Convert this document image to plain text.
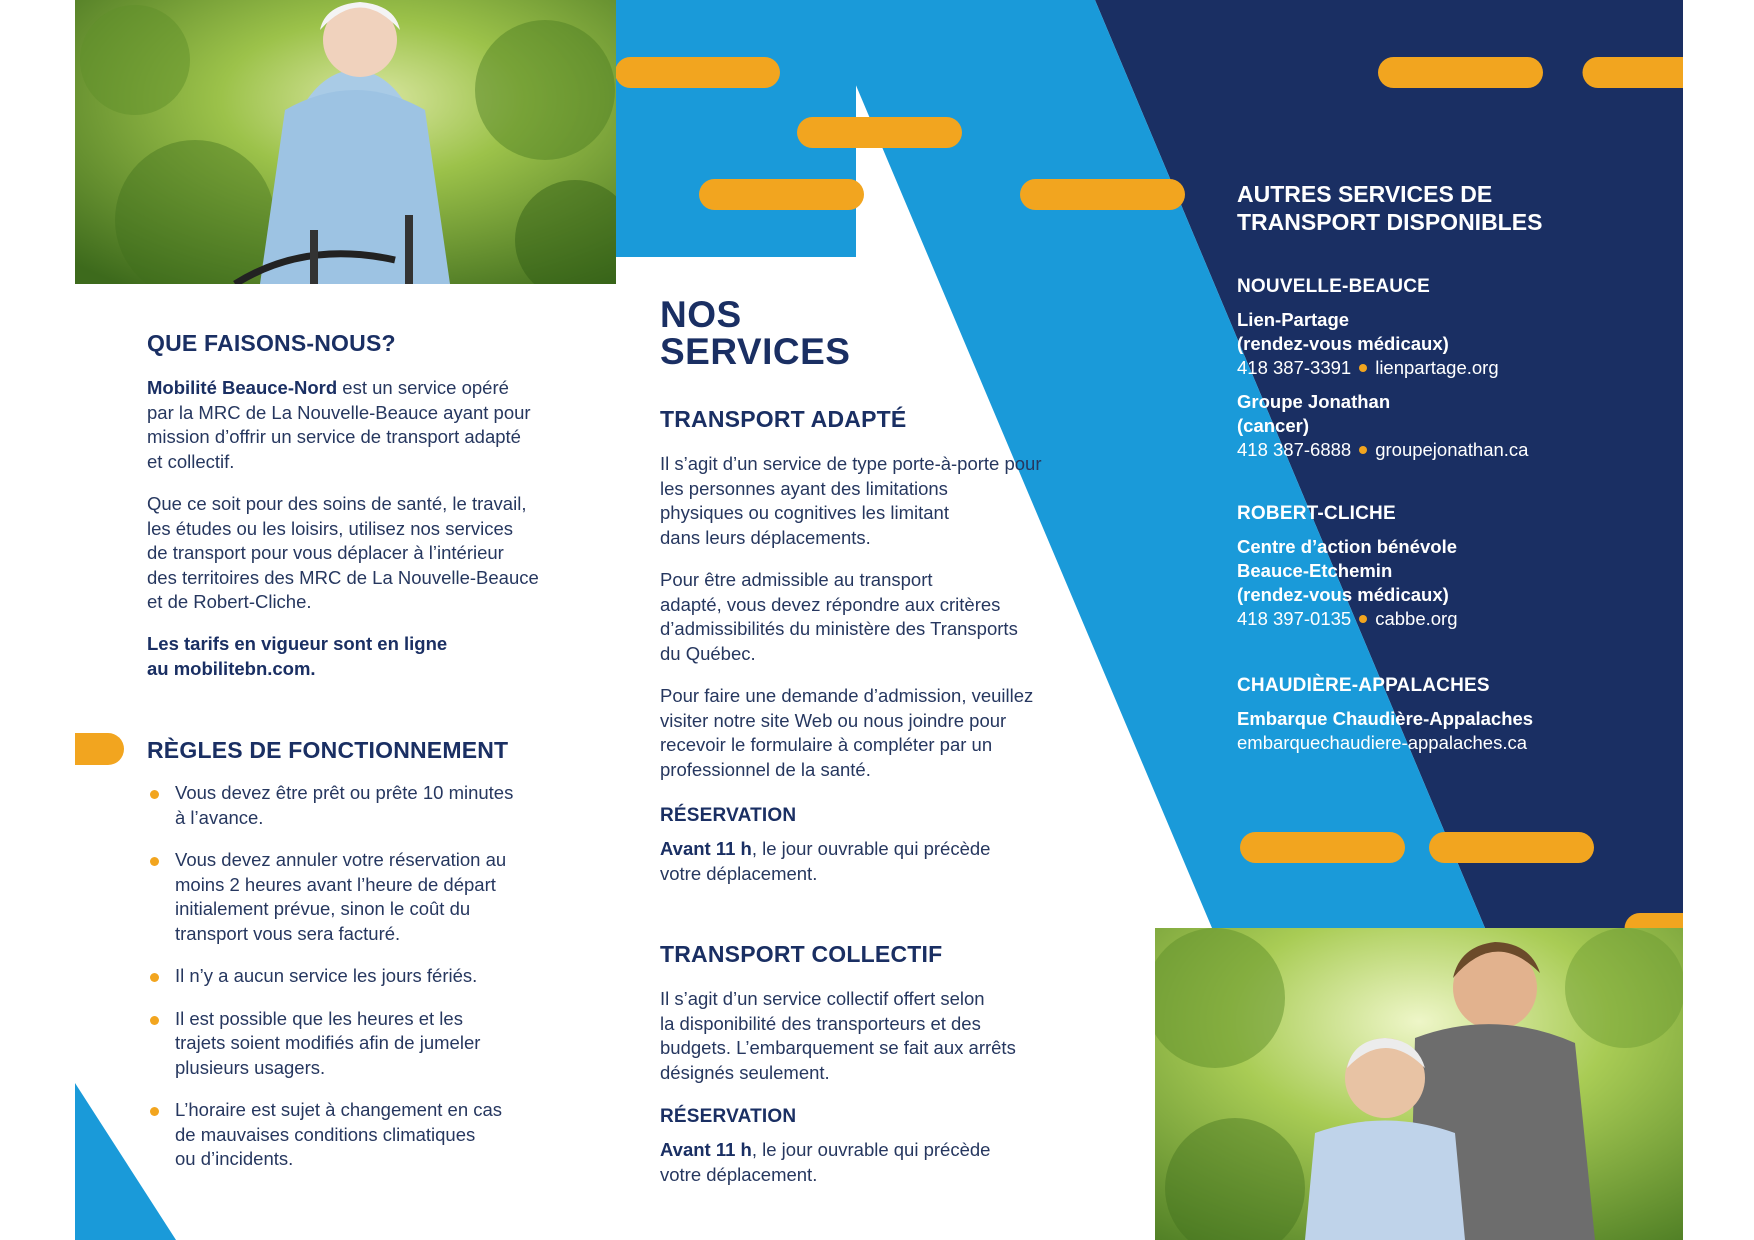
QUE FAISONS-NOUS?
Mobilité Beauce-Nord est un service opéré
par la MRC de La Nouvelle-Beauce ayant pour
mission d’offrir un service de transport adapté
et collectif.
Que ce soit pour des soins de santé, le travail,
les études ou les loisirs, utilisez nos services
de transport pour vous déplacer à l’intérieur
des territoires des MRC de La Nouvelle-Beauce
et de Robert-Cliche.
Les tarifs en vigueur sont en ligne
au mobilitebn.com.
RÈGLES DE FONCTIONNEMENT
Vous devez être prêt ou prête 10 minutes
à l’avance.
Vous devez annuler votre réservation au
moins 2 heures avant l’heure de départ
initialement prévue, sinon le coût du
transport vous sera facturé.
Il n’y a aucun service les jours fériés.
Il est possible que les heures et les
trajets soient modifiés afin de jumeler
plusieurs usagers.
L’horaire est sujet à changement en cas
de mauvaises conditions climatiques
ou d’incidents.
NOS
SERVICES
TRANSPORT ADAPTÉ
Il s’agit d’un service de type porte-à-porte pour
les personnes ayant des limitations
physiques ou cognitives les limitant
dans leurs déplacements.
Pour être admissible au transport
adapté, vous devez répondre aux critères
d’admissibilités du ministère des Transports
du Québec.
Pour faire une demande d’admission, veuillez
visiter notre site Web ou nous joindre pour
recevoir le formulaire à compléter par un
professionnel de la santé.
RÉSERVATION
Avant 11 h, le jour ouvrable qui précède
votre déplacement.
TRANSPORT COLLECTIF
Il s’agit d’un service collectif offert selon
la disponibilité des transporteurs et des
budgets. L’embarquement se fait aux arrêts
désignés seulement.
RÉSERVATION
Avant 11 h, le jour ouvrable qui précède
votre déplacement.
AUTRES SERVICES DE
TRANSPORT DISPONIBLES
NOUVELLE-BEAUCE
Lien-Partage
(rendez-vous médicaux)
418 387-3391 lienpartage.org
Groupe Jonathan
(cancer)
418 387-6888 groupejonathan.ca
ROBERT-CLICHE
Centre d’action bénévole
Beauce-Etchemin
(rendez-vous médicaux)
418 397-0135 cabbe.org
CHAUDIÈRE-APPALACHES
Embarque Chaudière-Appalaches
embarquechaudiere-appalaches.ca
